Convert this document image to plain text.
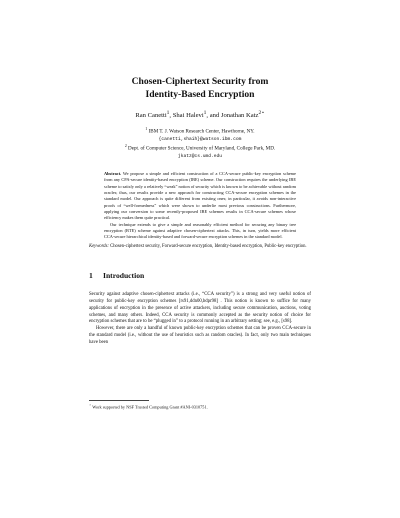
Chosen-Ciphertext Security from
Identity-Based Encryption
Ran Canetti$^1$, Shai Halevi$^1$, and Jonathan Katz$^{2⋆}$
$^1$ IBM T. J. Watson Research Center, Hawthorne, NY.
{canetti,shaih}@watson.ibm.com
$^2$ Dept. of Computer Science, University of Maryland, College Park, MD.
jkatz@cs.umd.edu

Abstract. We propose a simple and efficient construction of a CCA-secure public-key encryption scheme from any CPA-secure identity-based encryption (IBE) scheme. Our construction requires the underlying IBE scheme to satisfy only a relatively “weak” notion of security which is known to be achievable without random oracles; thus, our results provide a new approach for constructing CCA-secure encryption schemes in the standard model. Our approach is quite different from existing ones; in particular, it avoids non-interactive proofs of “well-formedness” which were shown to underlie most previous constructions. Furthermore, applying our conversion to some recently-proposed IBE schemes results in CCA-secure schemes whose efficiency makes them quite practical.

Our technique extends to give a simple and reasonably efficient method for securing any binary tree encryption (BTE) scheme against adaptive chosen-ciphertext attacks. This, in turn, yields more efficient CCA-secure hierarchical identity-based and forward-secure encryption schemes in the standard model.

Keywords: Chosen-ciphertext security, Forward-secure encryption, Identity-based encryption, Public-key encryption.
1 Introduction

Security against adaptive chosen-ciphertext attacks (i.e., “CCA security”) is a strong and very useful notion of security for public-key encryption schemes [rs91,ddn00,bdpr98] . This notion is known to suffice for many applications of encryption in the presence of active attackers, including secure communication, auctions, voting schemes, and many others. Indeed, CCA security is commonly accepted as the security notion of choice for encryption schemes that are to be “plugged in” to a protocol running in an arbitrary setting; see, e.g., [s98].

However, there are only a handful of known public-key encryption schemes that can be proven CCA-secure in the standard model (i.e., without the use of heuristics such as random oracles). In fact, only two main techniques have been

⋆ Work supported by NSF Trusted Computing Grant #ANI-0310751.
